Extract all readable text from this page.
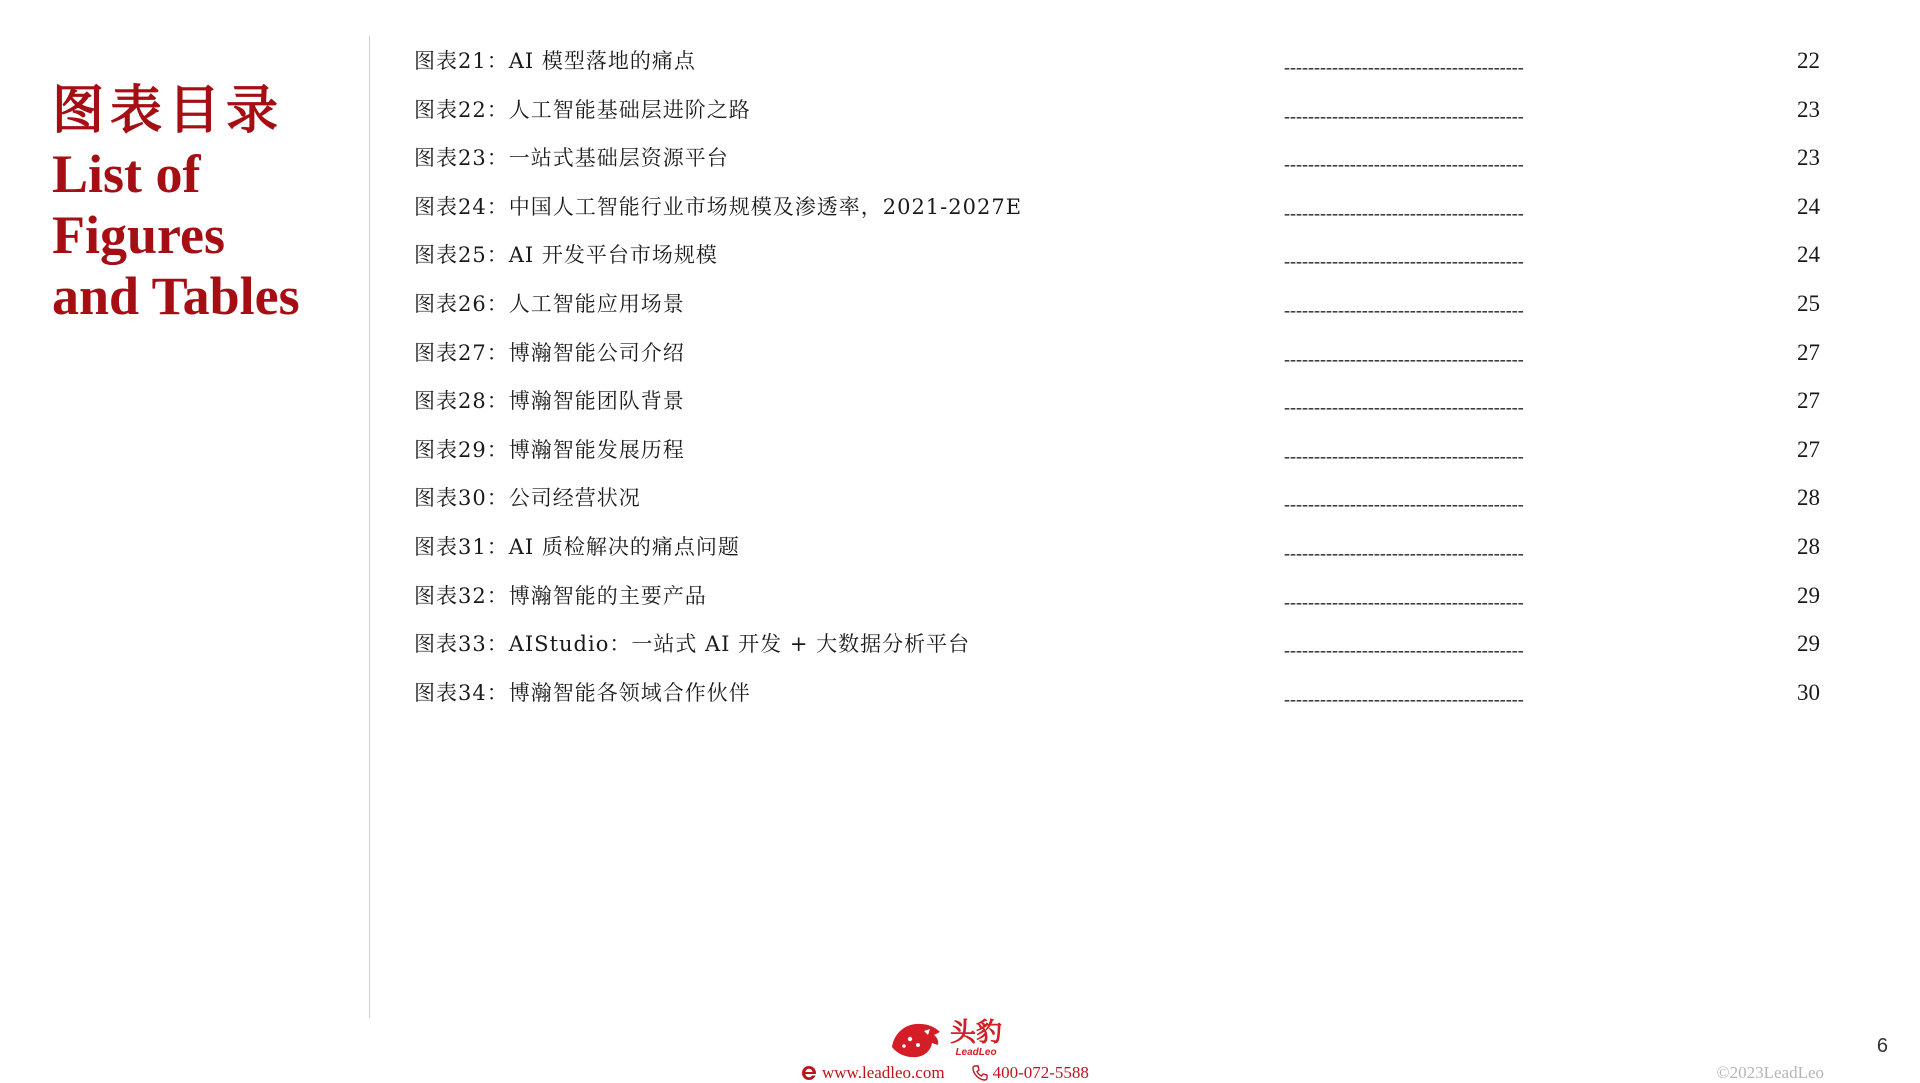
图表目录
List of
Figures
and Tables
图表21：AI 模型落地的痛点	----------------------------------------	22
图表22：人工智能基础层进阶之路	----------------------------------------	23
图表23：一站式基础层资源平台	----------------------------------------	23
图表24：中国人工智能行业市场规模及渗透率，2021-2027E	----------------------------------------	24
图表25：AI 开发平台市场规模	----------------------------------------	24
图表26：人工智能应用场景	----------------------------------------	25
图表27：博瀚智能公司介绍	----------------------------------------	27
图表28：博瀚智能团队背景	----------------------------------------	27
图表29：博瀚智能发展历程	----------------------------------------	27
图表30：公司经营状况	----------------------------------------	28
图表31：AI 质检解决的痛点问题	----------------------------------------	28
图表32：博瀚智能的主要产品	----------------------------------------	29
图表33：AIStudio：一站式 AI 开发 + 大数据分析平台	----------------------------------------	29
图表34：博瀚智能各领域合作伙伴	----------------------------------------	30
头豹
LeadLeo
www.leadleo.com	400-072-5588	©2023LeadLeo
6
